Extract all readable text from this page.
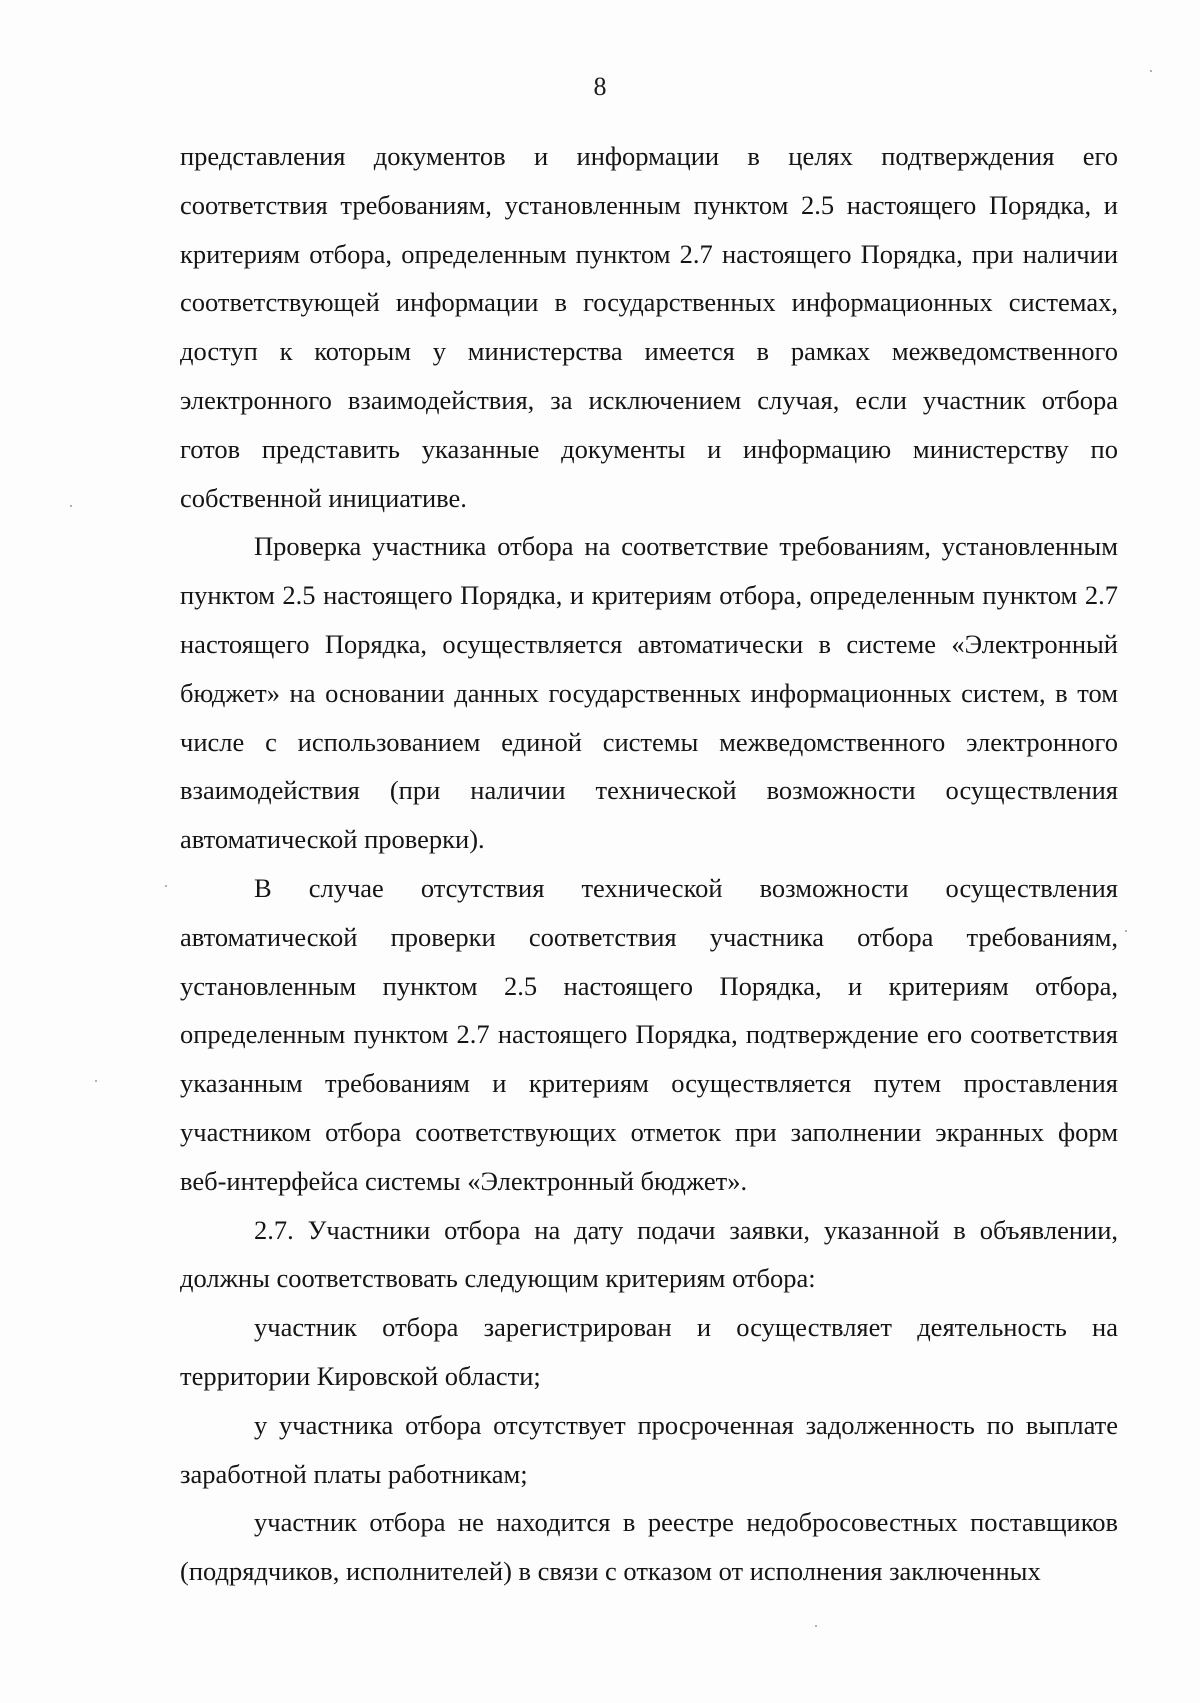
8

представления документов и информации в целях подтверждения его соответствия требованиям, установленным пунктом 2.5 настоящего Порядка, и критериям отбора, определенным пунктом 2.7 настоящего Порядка, при наличии соответствующей информации в государственных информационных системах, доступ к которым у министерства имеется в рамках межведомственного электронного взаимодействия, за исключением случая, если участник отбора готов представить указанные документы и информацию министерству по собственной инициативе.

Проверка участника отбора на соответствие требованиям, установленным пунктом 2.5 настоящего Порядка, и критериям отбора, определенным пунктом 2.7 настоящего Порядка, осуществляется автоматически в системе «Электронный бюджет» на основании данных государственных информационных систем, в том числе с использованием единой системы межведомственного электронного взаимодействия (при наличии технической возможности осуществления автоматической проверки).

В случае отсутствия технической возможности осуществления автоматической проверки соответствия участника отбора требованиям, установленным пунктом 2.5 настоящего Порядка, и критериям отбора, определенным пунктом 2.7 настоящего Порядка, подтверждение его соответствия указанным требованиям и критериям осуществляется путем проставления участником отбора соответствующих отметок при заполнении экранных форм веб-интерфейса системы «Электронный бюджет».

2.7. Участники отбора на дату подачи заявки, указанной в объявлении, должны соответствовать следующим критериям отбора:

участник отбора зарегистрирован и осуществляет деятельность на территории Кировской области;

у участника отбора отсутствует просроченная задолженность по выплате заработной платы работникам;

участник отбора не находится в реестре недобросовестных поставщиков (подрядчиков, исполнителей) в связи с отказом от исполнения заключенных
